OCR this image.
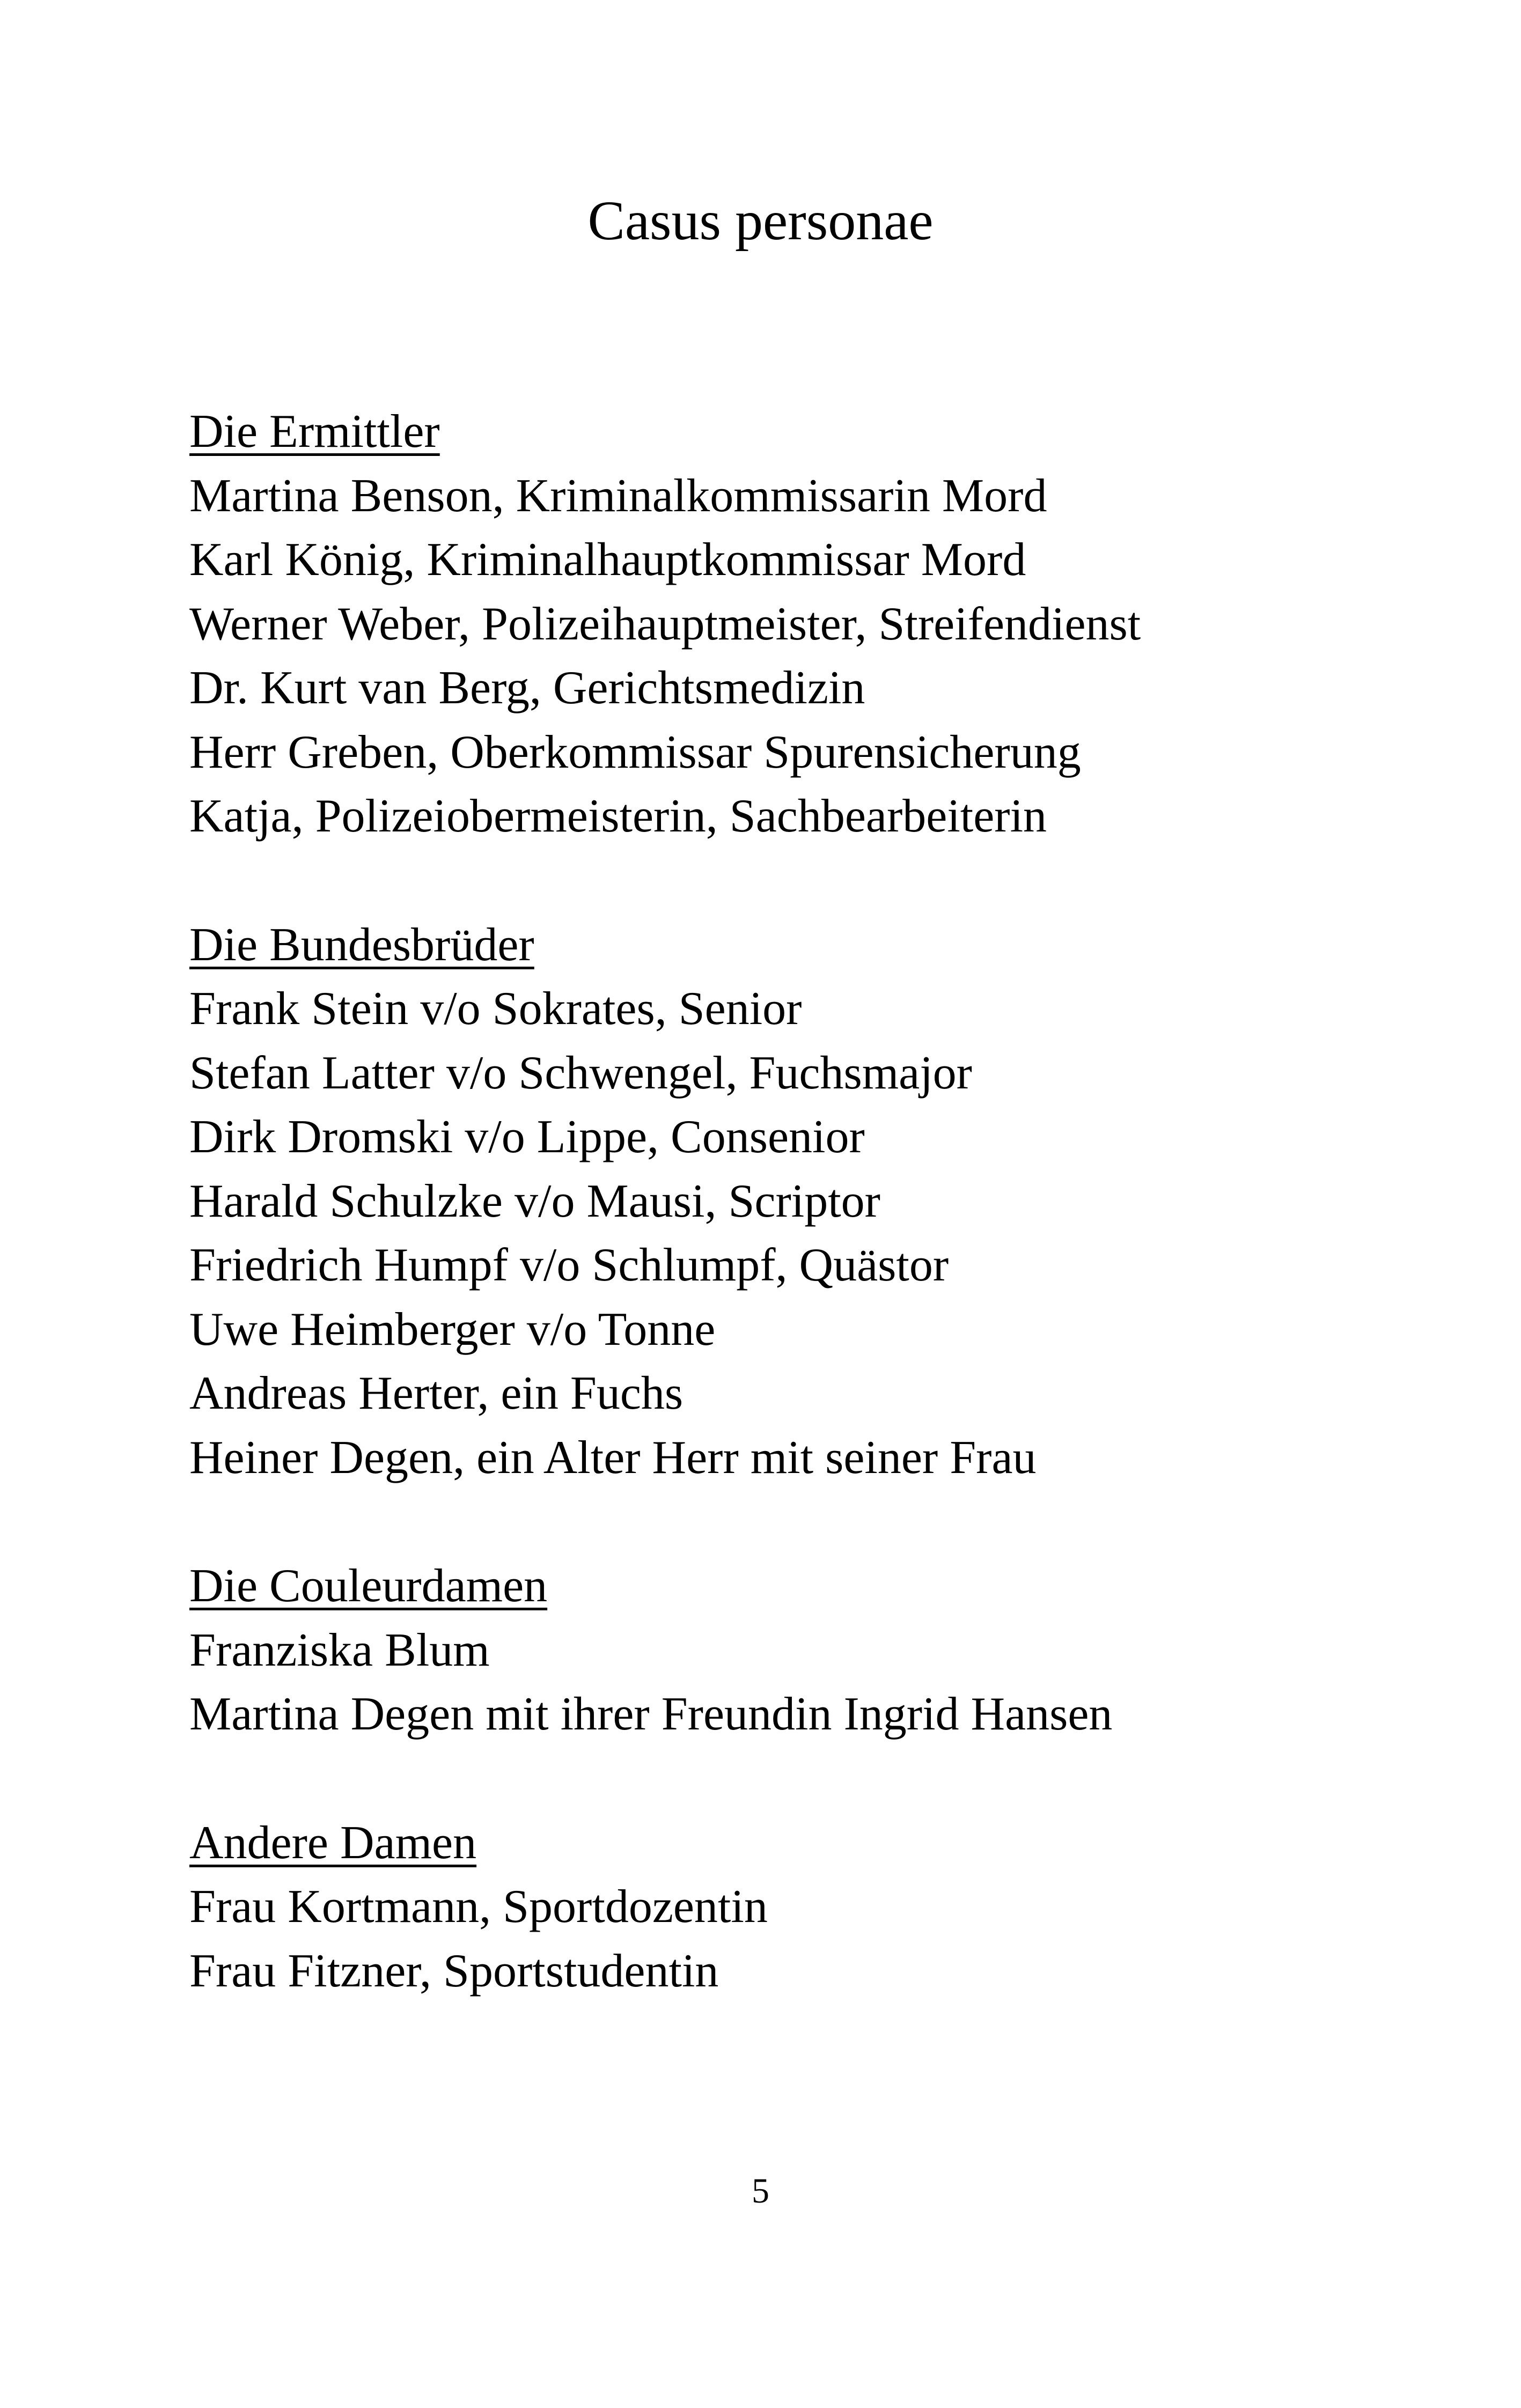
Casus personae
Die Ermittler
Martina Benson, Kriminalkommissarin Mord
Karl König, Kriminalhauptkommissar Mord
Werner Weber, Polizeihauptmeister, Streifendienst
Dr. Kurt van Berg, Gerichtsmedizin
Herr Greben, Oberkommissar Spurensicherung
Katja, Polizeiobermeisterin, Sachbearbeiterin
Die Bundesbrüder
Frank Stein v/o Sokrates, Senior
Stefan Latter v/o Schwengel, Fuchsmajor
Dirk Dromski v/o Lippe, Consenior
Harald Schulzke v/o Mausi, Scriptor
Friedrich Humpf v/o Schlumpf, Quästor
Uwe Heimberger v/o Tonne
Andreas Herter, ein Fuchs
Heiner Degen, ein Alter Herr mit seiner Frau
Die Couleurdamen
Franziska Blum
Martina Degen mit ihrer Freundin Ingrid Hansen
Andere Damen
Frau Kortmann, Sportdozentin
Frau Fitzner, Sportstudentin
5
